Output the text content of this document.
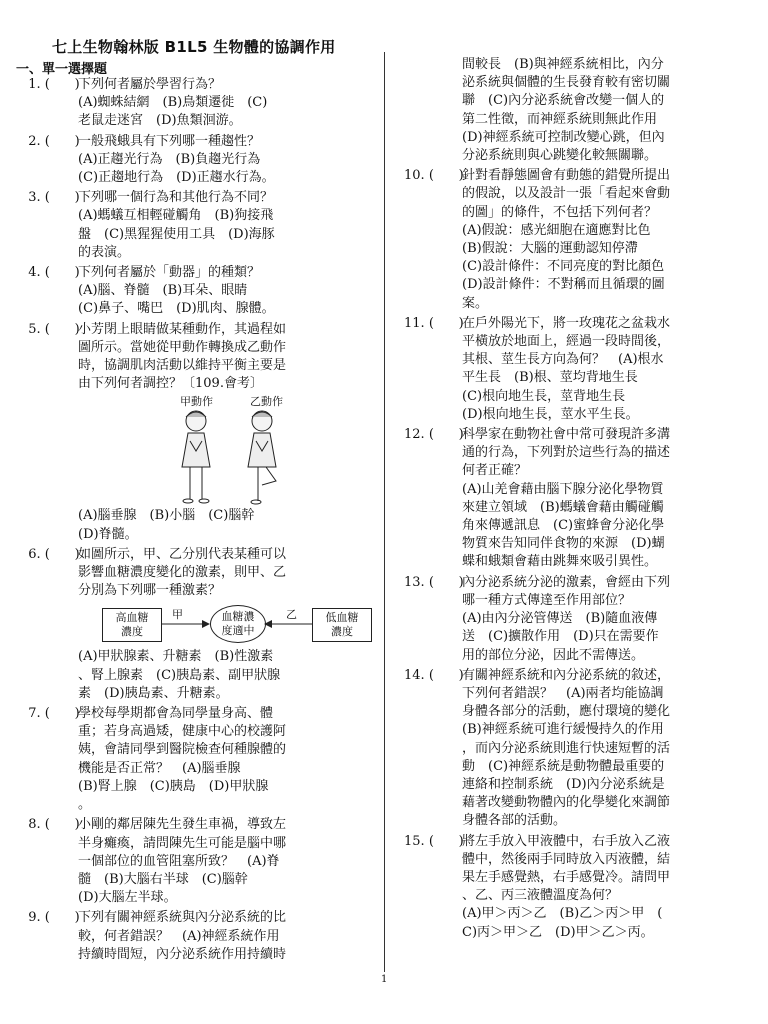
七上生物翰林版 B1L5 生物體的協調作用
一、單一選擇題
1. (      )
下列何者屬於學習行為？
(A)蜘蛛結網　(B)鳥類遷徙　(C)
老鼠走迷宮　(D)魚類洄游。
2. (      )
一般飛蛾具有下列哪一種趨性？
(A)正趨光行為　(B)負趨光行為
(C)正趨地行為　(D)正趨水行為。
3. (      )
下列哪一個行為和其他行為不同？
(A)螞蟻互相輕碰觸角　(B)狗接飛
盤　(C)黑猩猩使用工具　(D)海豚
的表演。
4. (      )
下列何者屬於「動器」的種類？
(A)腦、脊髓　(B)耳朵、眼睛
(C)鼻子、嘴巴　(D)肌肉、腺體。
5. (      )
小芳閉上眼睛做某種動作，其過程如
圖所示。當她從甲動作轉換成乙動作
時，協調肌肉活動以維持平衡主要是
由下列何者調控？〔109.會考〕
甲動作	乙動作
(A)腦垂腺　(B)小腦　(C)腦幹
(D)脊髓。
6. (      )
如圖所示，甲、乙分別代表某種可以
影響血糖濃度變化的激素，則甲、乙
分別為下列哪一種激素？
高血糖
濃度
甲	血糖濃
度適中
乙	低血糖
濃度
(A)甲狀腺素、升糖素　(B)性激素
、腎上腺素　(C)胰島素、副甲狀腺
素　(D)胰島素、升糖素。
7. (      )
學校每學期都會為同學量身高、體
重；若身高過矮，健康中心的校護阿
姨，會請同學到醫院檢查何種腺體的
機能是否正常？　(A)腦垂腺
(B)腎上腺　(C)胰島　(D)甲狀腺
。
8. (      )
小剛的鄰居陳先生發生車禍，導致左
半身癱瘓，請問陳先生可能是腦中哪
一個部位的血管阻塞所致？　(A)脊
髓　(B)大腦右半球　(C)腦幹
(D)大腦左半球。
9. (      )
下列有關神經系統與內分泌系統的比
較，何者錯誤？　(A)神經系統作用
持續時間短，內分泌系統作用持續時
間較長　(B)與神經系統相比，內分
泌系統與個體的生長發育較有密切關
聯　(C)內分泌系統會改變一個人的
第二性徵，而神經系統則無此作用
(D)神經系統可控制改變心跳，但內
分泌系統則與心跳變化較無關聯。
10. (      )
針對看靜態圖會有動態的錯覺所提出
的假說，以及設計一張「看起來會動
的圖」的條件，不包括下列何者？
(A)假說：感光細胞在適應對比色
(B)假說：大腦的運動認知停滯
(C)設計條件：不同亮度的對比顏色
(D)設計條件：不對稱而且循環的圖
案。
11. (      )
在戶外陽光下，將一玫瑰花之盆栽水
平橫放於地面上，經過一段時間後，
其根、莖生長方向為何？　(A)根水
平生長　(B)根、莖均背地生長
(C)根向地生長，莖背地生長
(D)根向地生長，莖水平生長。
12. (      )
科學家在動物社會中常可發現許多溝
通的行為，下列對於這些行為的描述
何者正確？
(A)山羌會藉由腦下腺分泌化學物質
來建立領域　(B)螞蟻會藉由觸碰觸
角來傳遞訊息　(C)蜜蜂會分泌化學
物質來告知同伴食物的來源　(D)蝴
蝶和蛾類會藉由跳舞來吸引異性。
13. (      )
內分泌系統分泌的激素，會經由下列
哪一種方式傳達至作用部位？
(A)由內分泌管傳送　(B)隨血液傳
送　(C)擴散作用　(D)只在需要作
用的部位分泌，因此不需傳送。
14. (      )
有關神經系統和內分泌系統的敘述，
下列何者錯誤？　(A)兩者均能協調
身體各部分的活動，應付環境的變化
(B)神經系統可進行緩慢持久的作用
，而內分泌系統則進行快速短暫的活
動　(C)神經系統是動物體最重要的
連絡和控制系統　(D)內分泌系統是
藉著改變動物體內的化學變化來調節
身體各部的活動。
15. (      )
將左手放入甲液體中，右手放入乙液
體中，然後兩手同時放入丙液體，結
果左手感覺熱，右手感覺冷。請問甲
、乙、丙三液體溫度為何？
(A)甲＞丙＞乙　(B)乙＞丙＞甲　(
C)丙＞甲＞乙　(D)甲＞乙＞丙。
1
